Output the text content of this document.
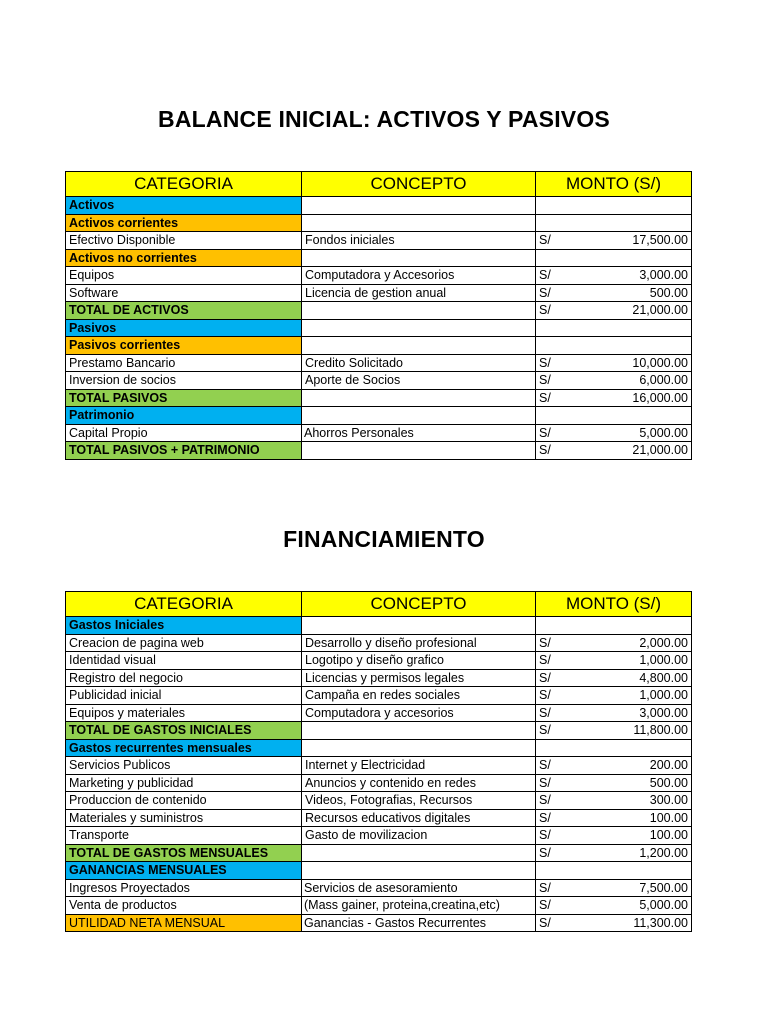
BALANCE INICIAL: ACTIVOS Y PASIVOS
CATEGORIA	CONCEPTO	MONTO (S/)
Activos		

Activos corrientes		

Efectivo Disponible	Fondos iniciales	S/ 17,500.00

Activos no corrientes		

Equipos	Computadora y Accesorios	S/ 3,000.00

Software	Licencia de gestion anual	S/ 500.00

TOTAL DE ACTIVOS		S/ 21,000.00

Pasivos		

Pasivos corrientes		

Prestamo Bancario	Credito Solicitado	S/ 10,000.00

Inversion de socios	Aporte de Socios	S/ 6,000.00

TOTAL PASIVOS		S/ 16,000.00

Patrimonio		

Capital Propio	Ahorros Personales	S/ 5,000.00

TOTAL PASIVOS + PATRIMONIO		S/ 21,000.00
FINANCIAMIENTO
CATEGORIA	CONCEPTO	MONTO (S/)
Gastos Iniciales		

Creacion de pagina web	Desarrollo y diseño profesional	S/ 2,000.00

Identidad visual	Logotipo y diseño grafico	S/ 1,000.00

Registro del negocio	Licencias y permisos legales	S/ 4,800.00

Publicidad inicial	Campaña en redes sociales	S/ 1,000.00

Equipos y materiales	Computadora y accesorios	S/ 3,000.00

TOTAL DE GASTOS INICIALES		S/ 11,800.00

Gastos recurrentes mensuales		

Servicios Publicos	Internet y Electricidad	S/ 200.00

Marketing y publicidad	Anuncios y contenido en redes	S/ 500.00

Produccion de contenido	Videos, Fotografias, Recursos	S/ 300.00

Materiales y suministros	Recursos educativos digitales	S/ 100.00

Transporte	Gasto de movilizacion	S/ 100.00

TOTAL DE GASTOS MENSUALES		S/ 1,200.00

GANANCIAS MENSUALES		

Ingresos Proyectados	Servicios de asesoramiento	S/ 7,500.00

Venta de productos	(Mass gainer, proteina,creatina,etc)	S/ 5,000.00

UTILIDAD NETA MENSUAL	Ganancias - Gastos Recurrentes	S/ 11,300.00
